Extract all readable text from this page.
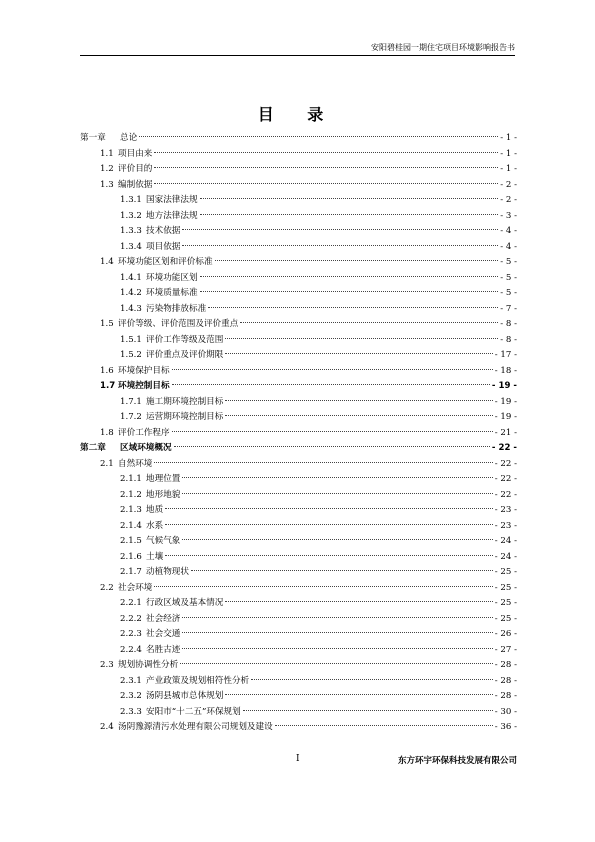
安阳碧桂园一期住宅项目环境影响报告书
目 录
第一章 总论	- 1 -
1.1 项目由来	- 1 -
1.2 评价目的	- 1 -
1.3 编制依据	- 2 -
1.3.1 国家法律法规	- 2 -
1.3.2 地方法律法规	- 3 -
1.3.3 技术依据	- 4 -
1.3.4 项目依据	- 4 -
1.4 环境功能区划和评价标准	- 5 -
1.4.1 环境功能区划	- 5 -
1.4.2 环境质量标准	- 5 -
1.4.3 污染物排放标准	- 7 -
1.5 评价等级、评价范围及评价重点	- 8 -
1.5.1 评价工作等级及范围	- 8 -
1.5.2 评价重点及评价期限	- 17 -
1.6 环境保护目标	- 18 -
1.7 环境控制目标	- 19 -
1.7.1 施工期环境控制目标	- 19 -
1.7.2 运营期环境控制目标	- 19 -
1.8 评价工作程序	- 21 -
第二章 区域环境概况	- 22 -
2.1 自然环境	- 22 -
2.1.1 地理位置	- 22 -
2.1.2 地形地貌	- 22 -
2.1.3 地质	- 23 -
2.1.4 水系	- 23 -
2.1.5 气候气象	- 24 -
2.1.6 土壤	- 24 -
2.1.7 动植物现状	- 25 -
2.2 社会环境	- 25 -
2.2.1 行政区域及基本情况	- 25 -
2.2.2 社会经济	- 25 -
2.2.3 社会交通	- 26 -
2.2.4 名胜古迹	- 27 -
2.3 规划协调性分析	- 28 -
2.3.1 产业政策及规划相符性分析	- 28 -
2.3.2 汤阴县城市总体规划	- 28 -
2.3.3 安阳市“十二五”环保规划	- 30 -
2.4 汤阴豫源清污水处理有限公司规划及建设	- 36 -
I	东方环宇环保科技发展有限公司
